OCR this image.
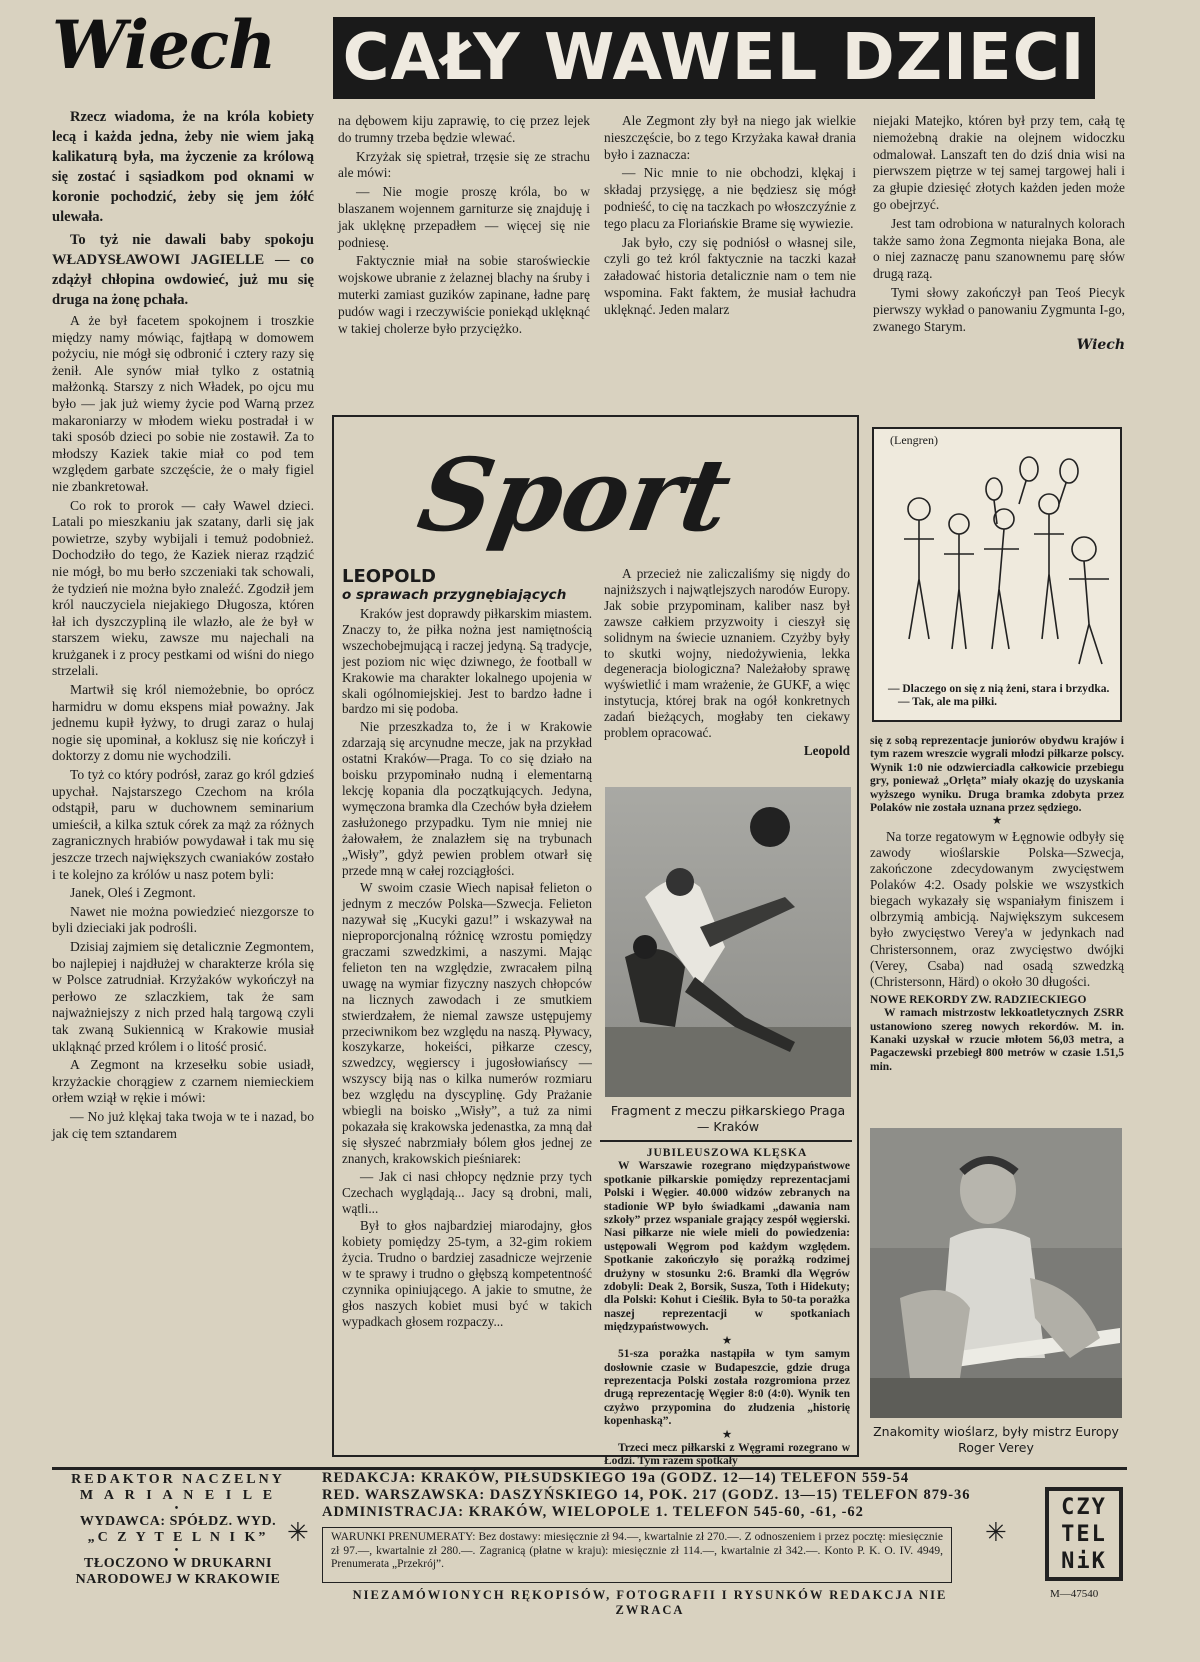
Wiech	CAŁY WAWEL DZIECI

Rzecz wiadoma, że na króla kobiety lecą i każda jedna, żeby nie wiem jaką kalikaturą była, ma życzenie za królową się zostać i sąsiadkom pod oknami w koronie pochodzić, żeby się jem żółć ulewała.

To tyż nie dawali baby spokoju WŁADYSŁAWOWI JAGIELLE — co zdążył chłopina owdowieć, już mu się druga na żonę pchała.

A że był facetem spokojnem i troszkie między namy mówiąc, fajtłapą w domowem pożyciu, nie mógł się odbronić i cztery razy się żenił. Ale synów miał tylko z ostatnią małżonką. Starszy z nich Władek, po ojcu mu było — jak już wiemy życie pod Warną przez makaroniarzy w młodem wieku postradał i w taki sposób dzieci po sobie nie zostawił. Za to młodszy Kaziek takie miał co pod tem względem garbate szczęście, że o mały figiel nie zbankretował.

Co rok to prorok — cały Wawel dzieci. Latali po mieszkaniu jak szatany, darli się jak powietrze, szyby wybijali i temuż podobnież. Dochodziło do tego, że Kaziek nieraz rządzić nie mógł, bo mu berło szczeniaki tak schowali, że tydzień nie można było znaleźć. Zgodził jem król nauczyciela niejakiego Długosza, któren łał ich dyszczypliną ile wlazło, ale że był w starszem wieku, zawsze mu najechali na krużganek i z procy pestkami od wiśni do niego strzelali.

Martwił się król niemożebnie, bo oprócz harmidru w domu ekspens miał poważny. Jak jednemu kupił łyżwy, to drugi zaraz o hulaj nogie się upominał, a koklusz się nie kończył i doktorzy z domu nie wychodzili.

To tyż co który podrósł, zaraz go król gdzieś upychał. Najstarszego Czechom na króla odstąpił, paru w duchownem seminarium umieścił, a kilka sztuk córek za mąż za różnych zagranicznych hrabiów powydawał i tak mu się jeszcze trzech największych cwaniaków zostało i te kolejno za królów u nasz potem byli:

Janek, Oleś i Zegmont.

Nawet nie można powiedzieć niezgorsze to byli dzieciaki jak podrośli.

Dzisiaj zajmiem się detalicznie Zegmontem, bo najlepiej i najdłużej w charakterze króla się w Polsce zatrudniał. Krzyżaków wykończył na perłowo ze szlaczkiem, tak że sam najważniejszy z nich przed halą targową czyli tak zwaną Sukiennicą w Krakowie musiał ukląknąć przed królem i o litość prosić.

A Zegmont na krzesełku sobie usiadł, krzyżackie chorągiew z czarnem niemieckiem orłem wziął w rękie i mówi:

— No już klękaj taka twoja w te i nazad, bo jak cię tem sztandarem

na dębowem kiju zaprawię, to cię przez lejek do trumny trzeba będzie wlewać.

Krzyżak się spietrał, trzęsie się ze strachu ale mówi:

— Nie mogie proszę króla, bo w blaszanem wojennem garniturze się znajduję i jak uklęknę przepadłem — więcej się nie podniesę.

Faktycznie miał na sobie staroświeckie wojskowe ubranie z żelaznej blachy na śruby i muterki zamiast guzików zapinane, ładne parę pudów wagi i rzeczywiście poniekąd uklęknąć w takiej cholerze było przyciężko.

Ale Zegmont zły był na niego jak wielkie nieszczęście, bo z tego Krzyżaka kawał drania było i zaznacza:

— Nic mnie to nie obchodzi, klękaj i składaj przysięgę, a nie będziesz się mógł podnieść, to cię na taczkach po włoszczyźnie z tego placu za Floriańskie Brame się wywiezie.

Jak było, czy się podniósł o własnej sile, czyli go też król faktycznie na taczki kazał załadować historia detalicznie nam o tem nie wspomina. Fakt faktem, że musiał łachudra uklęknąć. Jeden malarz

niejaki Matejko, któren był przy tem, całą tę niemożebną drakie na olejnem widoczku odmalował. Lanszaft ten do dziś dnia wisi na pierwszem piętrze w tej samej targowej hali i za głupie dziesięć złotych każden jeden może go obejrzyć.

Jest tam odrobiona w naturalnych kolorach także samo żona Zegmonta niejaka Bona, ale o niej zaznaczę panu szanownemu parę słów drugą razą.

Tymi słowy zakończył pan Teoś Piecyk pierwszy wykład o panowaniu Zygmunta I-go, zwanego Starym.

Wiech
Sport
LEOPOLD
o sprawach przygnębiających

Kraków jest doprawdy piłkarskim miastem. Znaczy to, że piłka nożna jest namiętnością wszechobejmującą i raczej jedyną. Są tradycje, jest poziom nic więc dziwnego, że football w Krakowie ma charakter lokalnego upojenia w skali ogólnomiejskiej. Jest to bardzo ładne i bardzo mi się podoba.

Nie przeszkadza to, że i w Krakowie zdarzają się arcynudne mecze, jak na przykład ostatni Kraków—Praga. To co się działo na boisku przypominało nudną i elementarną lekcję kopania dla początkujących. Jedyna, wymęczona bramka dla Czechów była dziełem zasłużonego przypadku. Tym nie mniej nie żałowałem, że znalazłem się na trybunach „Wisły”, gdyż pewien problem otwarł się przede mną w całej rozciągłości.

W swoim czasie Wiech napisał felieton o jednym z meczów Polska—Szwecja. Felieton nazywał się „Kucyki gazu!” i wskazywał na nieproporcjonalną różnicę wzrostu pomiędzy graczami szwedzkimi, a naszymi. Mając felieton ten na względzie, zwracałem pilną uwagę na wymiar fizyczny naszych chłopców na licznych zawodach i ze smutkiem stwierdzałem, że niemal zawsze ustępujemy przeciwnikom bez względu na naszą. Pływacy, koszykarze, hokeiści, piłkarze czescy, szwedzcy, węgierscy i jugosłowiańscy — wszyscy biją nas o kilka numerów rozmiaru bez względu na dyscyplinę. Gdy Prażanie wbiegli na boisko „Wisły”, a tuż za nimi pokazała się krakowska jedenastka, za mną dał się słyszeć nabrzmiały bólem głos jednej ze znanych, krakowskich pieśniarek:

— Jak ci nasi chłopcy nędznie przy tych Czechach wyglądają... Jacy są drobni, mali, wątli...

Był to głos najbardziej miarodajny, głos kobiety pomiędzy 25-tym, a 32-gim rokiem życia. Trudno o bardziej zasadnicze wejrzenie w te sprawy i trudno o głębszą kompetentność czynnika opiniującego. A jakie to smutne, że głos naszych kobiet musi być w takich wypadkach głosem rozpaczy...

A przecież nie zaliczaliśmy się nigdy do najniższych i najwątlejszych narodów Europy. Jak sobie przypominam, kaliber nasz był zawsze całkiem przyzwoity i cieszył się solidnym na świecie uznaniem. Czyżby były to skutki wojny, niedożywienia, lekka degeneracja biologiczna? Należałoby sprawę wyświetlić i mam wrażenie, że GUKF, a więc instytucja, której brak na ogół konkretnych zadań bieżących, mogłaby ten ciekawy problem opracować.

Leopold
Fragment z meczu piłkarskiego Praga — Kraków
JUBILEUSZOWA KLĘSKA
W Warszawie rozegrano międzypaństwowe spotkanie piłkarskie pomiędzy reprezentacjami Polski i Węgier. 40.000 widzów zebranych na stadionie WP było świadkami „dawania nam szkoły” przez wspaniale grający zespół węgierski. Nasi piłkarze nie wiele mieli do powiedzenia: ustępowali Węgrom pod każdym względem. Spotkanie zakończyło się porażką rodzimej drużyny w stosunku 2:6. Bramki dla Węgrów zdobyli: Deak 2, Borsik, Susza, Toth i Hidekuty; dla Polski: Kohut i Cieślik. Była to 50-ta porażka naszej reprezentacji w spotkaniach międzypaństwowych.
★
51-sza porażka nastąpiła w tym samym dosłownie czasie w Budapeszcie, gdzie druga reprezentacja Polski została rozgromiona przez drugą reprezentację Węgier 8:0 (4:0). Wynik ten czyżwo przypomina do złudzenia „historię kopenhaską”.
★
Trzeci mecz piłkarski z Węgrami rozegrano w Łodzi. Tym razem spotkały
(Lengren)
— Dlaczego on się z nią żeni, stara i brzydka.
— Tak, ale ma piłki.
się z sobą reprezentacje juniorów obydwu krajów i tym razem wreszcie wygrali młodzi piłkarze polscy. Wynik 1:0 nie odzwierciadla całkowicie przebiegu gry, ponieważ „Orlęta” miały okazję do uzyskania wyższego wyniku. Druga bramka zdobyta przez Polaków nie została uznana przez sędziego.
★
Na torze regatowym w Łęgnowie odbyły się zawody wioślarskie Polska—Szwecja, zakończone zdecydowanym zwycięstwem Polaków 4:2. Osady polskie we wszystkich biegach wykazały się wspaniałym finiszem i olbrzymią ambicją. Największym sukcesem było zwycięstwo Verey'a w jedynkach nad Christersonnem, oraz zwycięstwo dwójki (Verey, Csaba) nad osadą szwedzką (Christersonn, Härd) o około 30 długości.
NOWE REKORDY ZW. RADZIECKIEGO
W ramach mistrzostw lekkoatletycznych ZSRR ustanowiono szereg nowych rekordów. M. in. Kanaki uzyskał w rzucie młotem 56,03 metra, a Pagaczewski przebiegł 800 metrów w czasie 1.51,5 min.
Znakomity wioślarz, były mistrz Europy Roger Verey
REDAKTOR NACZELNY
M A R I A N E I L E
•
WYDAWCA: SPÓŁDZ. WYD.
„C Z Y T E L N I K”
•
TŁOCZONO W DRUKARNI
NARODOWEJ W KRAKOWIE
✳
REDAKCJA: KRAKÓW, PIŁSUDSKIEGO 19a (GODZ. 12—14) TELEFON 559-54
RED. WARSZAWSKA: DASZYŃSKIEGO 14, POK. 217 (GODZ. 13—15) TELEFON 879-36
ADMINISTRACJA: KRAKÓW, WIELOPOLE 1. TELEFON 545-60, -61, -62
WARUNKI PRENUMERATY: Bez dostawy: miesięcznie zł 94.—, kwartalnie zł 270.—. Z odnoszeniem i przez pocztę: miesięcznie zł 97.—, kwartalnie zł 280.—. Zagranicą (płatne w kraju): miesięcznie zł 114.—, kwartalnie zł 342.—. Konto P. K. O. IV. 4949, Prenumerata „Przekrój”.
✳
CZY
TEL
NiK
NIEZAMÓWIONYCH RĘKOPISÓW, FOTOGRAFII I RYSUNKÓW REDAKCJA NIE ZWRACA
M—47540
